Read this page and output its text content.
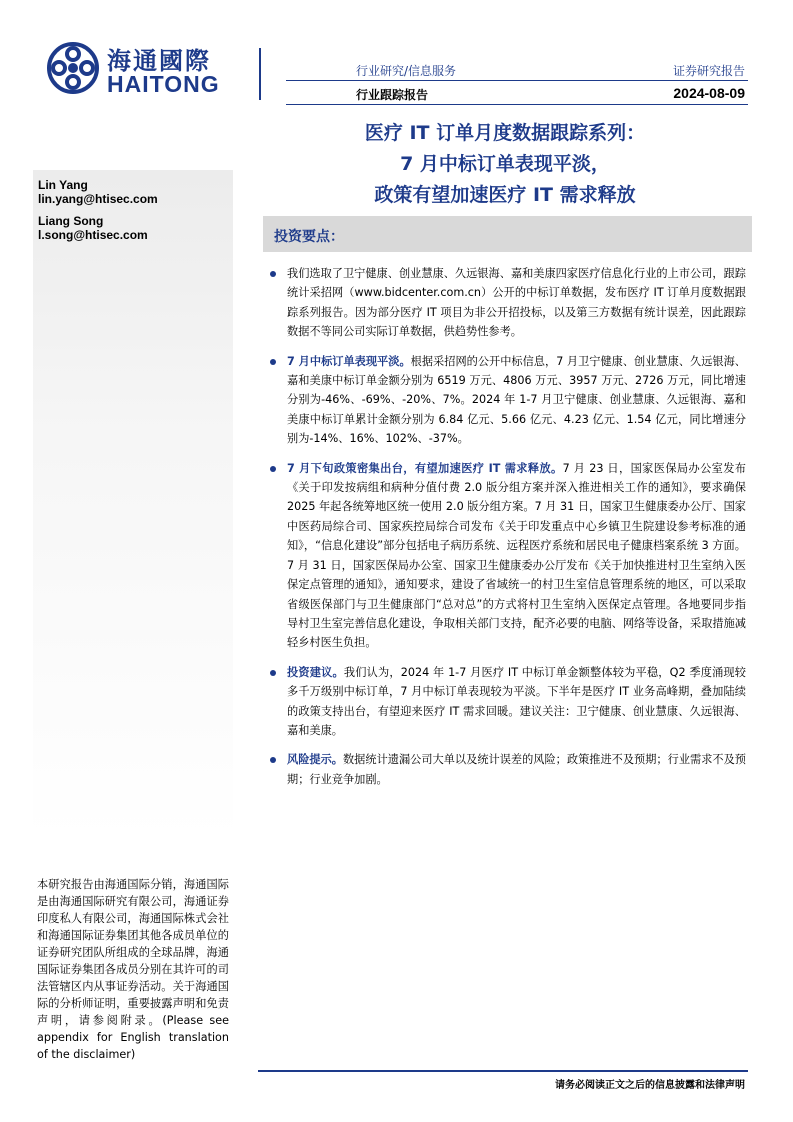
海通國際
HAITONG	行业研究/信息服务
行业跟踪报告
证券研究报告
2024-08-09
医疗 IT 订单月度数据跟踪系列：
7 月中标订单表现平淡，
政策有望加速医疗 IT 需求释放
Lin Yang
lin.yang@htisec.com
Liang Song
l.song@htisec.com	投资要点：
我们选取了卫宁健康、创业慧康、久远银海、嘉和美康四家医疗信息化行业的上市公司，跟踪统计采招网（www.bidcenter.com.cn）公开的中标订单数据，发布医疗 IT 订单月度数据跟踪系列报告。因为部分医疗 IT 项目为非公开招投标，以及第三方数据有统计误差，因此跟踪数据不等同公司实际订单数据，供趋势性参考。
7 月中标订单表现平淡。根据采招网的公开中标信息，7 月卫宁健康、创业慧康、久远银海、嘉和美康中标订单金额分别为 6519 万元、4806 万元、3957 万元、2726 万元，同比增速分别为-46%、-69%、-20%、7%。2024 年 1-7 月卫宁健康、创业慧康、久远银海、嘉和美康中标订单累计金额分别为 6.84 亿元、5.66 亿元、4.23 亿元、1.54 亿元，同比增速分别为-14%、16%、102%、-37%。
7 月下旬政策密集出台，有望加速医疗 IT 需求释放。7 月 23 日，国家医保局办公室发布《关于印发按病组和病种分值付费 2.0 版分组方案并深入推进相关工作的通知》，要求确保 2025 年起各统筹地区统一使用 2.0 版分组方案。7 月 31 日，国家卫生健康委办公厅、国家中医药局综合司、国家疾控局综合司发布《关于印发重点中心乡镇卫生院建设参考标准的通知》，“信息化建设”部分包括电子病历系统、远程医疗系统和居民电子健康档案系统 3 方面。7 月 31 日，国家医保局办公室、国家卫生健康委办公厅发布《关于加快推进村卫生室纳入医保定点管理的通知》，通知要求，建设了省域统一的村卫生室信息管理系统的地区，可以采取省级医保部门与卫生健康部门“总对总”的方式将村卫生室纳入医保定点管理。各地要同步指导村卫生室完善信息化建设，争取相关部门支持，配齐必要的电脑、网络等设备，采取措施减轻乡村医生负担。
投资建议。我们认为，2024 年 1-7 月医疗 IT 中标订单金额整体较为平稳，Q2 季度涌现较多千万级别中标订单，7 月中标订单表现较为平淡。下半年是医疗 IT 业务高峰期，叠加陆续的政策支持出台，有望迎来医疗 IT 需求回暖。建议关注：卫宁健康、创业慧康、久远银海、嘉和美康。
风险提示。数据统计遗漏公司大单以及统计误差的风险；政策推进不及预期；行业需求不及预期；行业竞争加剧。
本研究报告由海通国际分销，海通国际是由海通国际研究有限公司，海通证券印度私人有限公司，海通国际株式会社和海通国际证券集团其他各成员单位的证券研究团队所组成的全球品牌，海通国际证券集团各成员分别在其许可的司法管辖区内从事证券活动。关于海通国际的分析师证明，重要披露声明和免责声明，请参阅附录。(Please see appendix for English translation of the disclaimer)
请务必阅读正文之后的信息披露和法律声明
